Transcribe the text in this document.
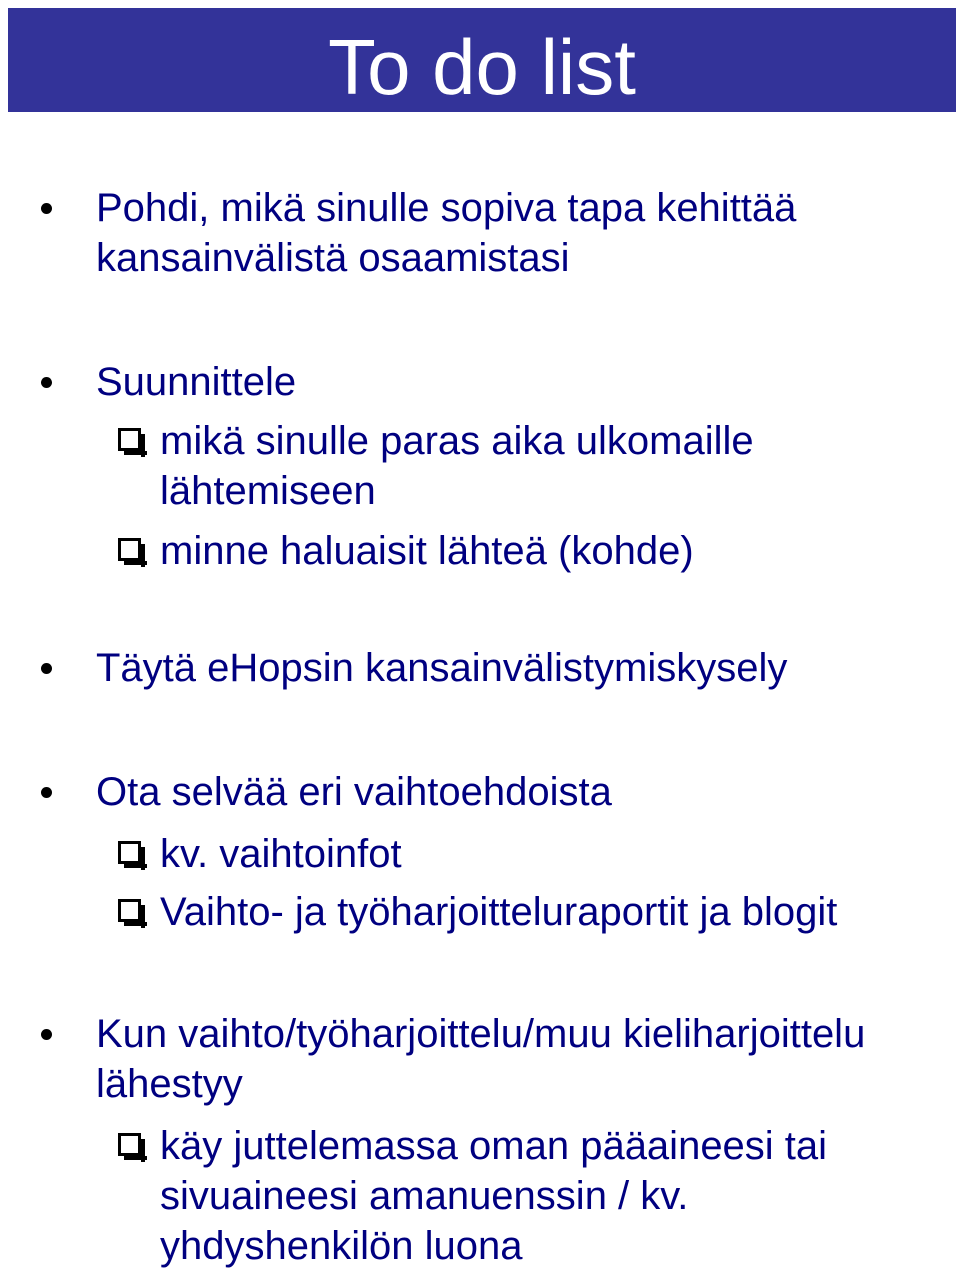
To do list
Pohdi, mikä sinulle sopiva tapa kehittää kansainvälistä osaamistasi
Suunnittele
mikä sinulle paras aika ulkomaille lähtemiseen
minne haluaisit lähteä (kohde)
Täytä eHopsin kansainvälistymiskysely
Ota selvää eri vaihtoehdoista
kv. vaihtoinfot
Vaihto- ja työharjoitteluraportit ja blogit
Kun vaihto/työharjoittelu/muu kieliharjoittelu lähestyy
käy juttelemassa oman pääaineesi tai sivuaineesi amanuenssin / kv. yhdyshenkilön luona
